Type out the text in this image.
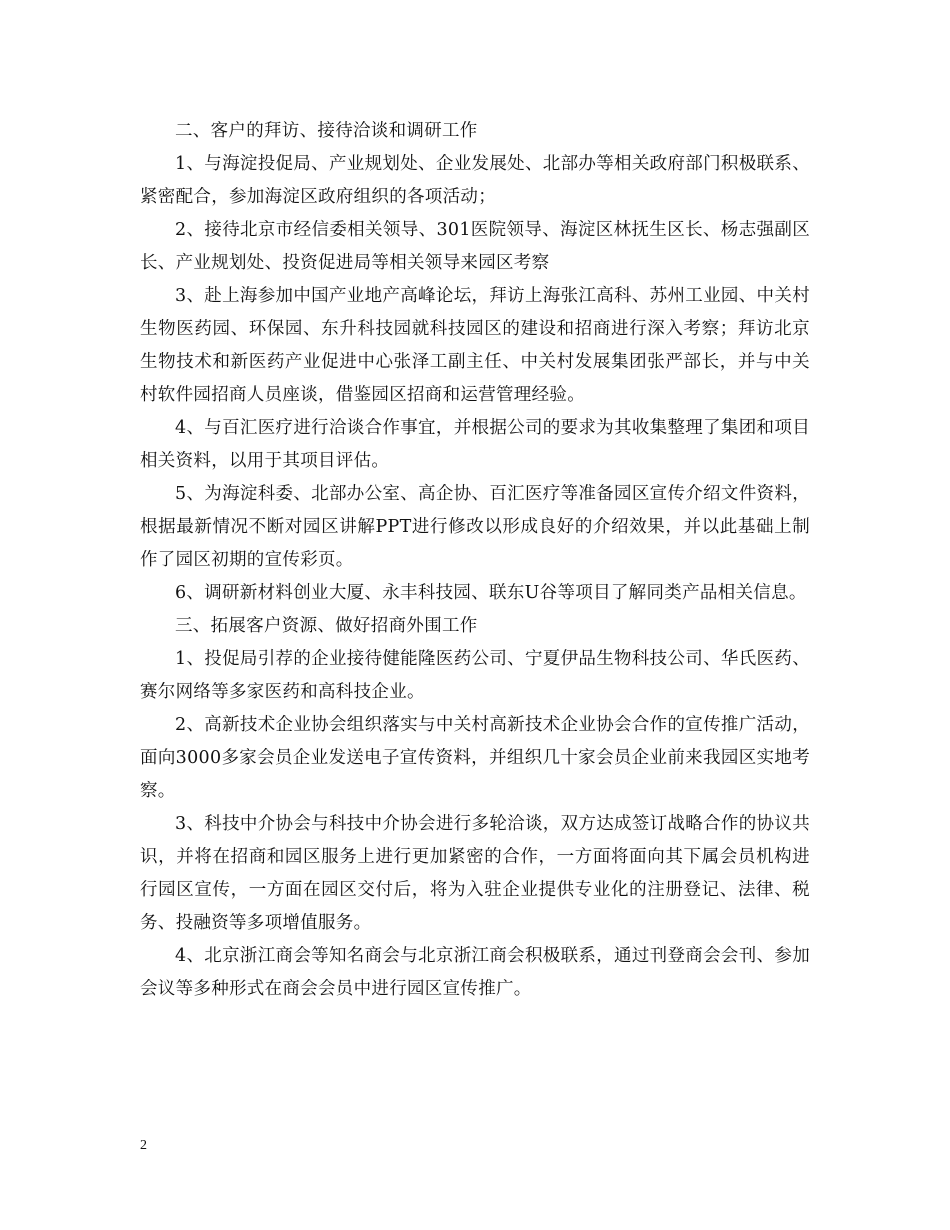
二、客户的拜访、接待洽谈和调研工作

1、与海淀投促局、产业规划处、企业发展处、北部办等相关政府部门积极联系、紧密配合，参加海淀区政府组织的各项活动；

2、接待北京市经信委相关领导、301医院领导、海淀区林抚生区长、杨志强副区长、产业规划处、投资促进局等相关领导来园区考察

3、赴上海参加中国产业地产高峰论坛，拜访上海张江高科、苏州工业园、中关村生物医药园、环保园、东升科技园就科技园区的建设和招商进行深入考察；拜访北京生物技术和新医药产业促进中心张泽工副主任、中关村发展集团张严部长，并与中关村软件园招商人员座谈，借鉴园区招商和运营管理经验。

4、与百汇医疗进行洽谈合作事宜，并根据公司的要求为其收集整理了集团和项目相关资料，以用于其项目评估。

5、为海淀科委、北部办公室、高企协、百汇医疗等准备园区宣传介绍文件资料，根据最新情况不断对园区讲解PPT进行修改以形成良好的介绍效果，并以此基础上制作了园区初期的宣传彩页。

6、调研新材料创业大厦、永丰科技园、联东U谷等项目了解同类产品相关信息。

三、拓展客户资源、做好招商外围工作

1、投促局引荐的企业接待健能隆医药公司、宁夏伊品生物科技公司、华氏医药、赛尔网络等多家医药和高科技企业。

2、高新技术企业协会组织落实与中关村高新技术企业协会合作的宣传推广活动，面向3000多家会员企业发送电子宣传资料，并组织几十家会员企业前来我园区实地考察。

3、科技中介协会与科技中介协会进行多轮洽谈，双方达成签订战略合作的协议共识，并将在招商和园区服务上进行更加紧密的合作，一方面将面向其下属会员机构进行园区宣传，一方面在园区交付后，将为入驻企业提供专业化的注册登记、法律、税务、投融资等多项增值服务。

4、北京浙江商会等知名商会与北京浙江商会积极联系，通过刊登商会会刊、参加会议等多种形式在商会会员中进行园区宣传推广。

2
